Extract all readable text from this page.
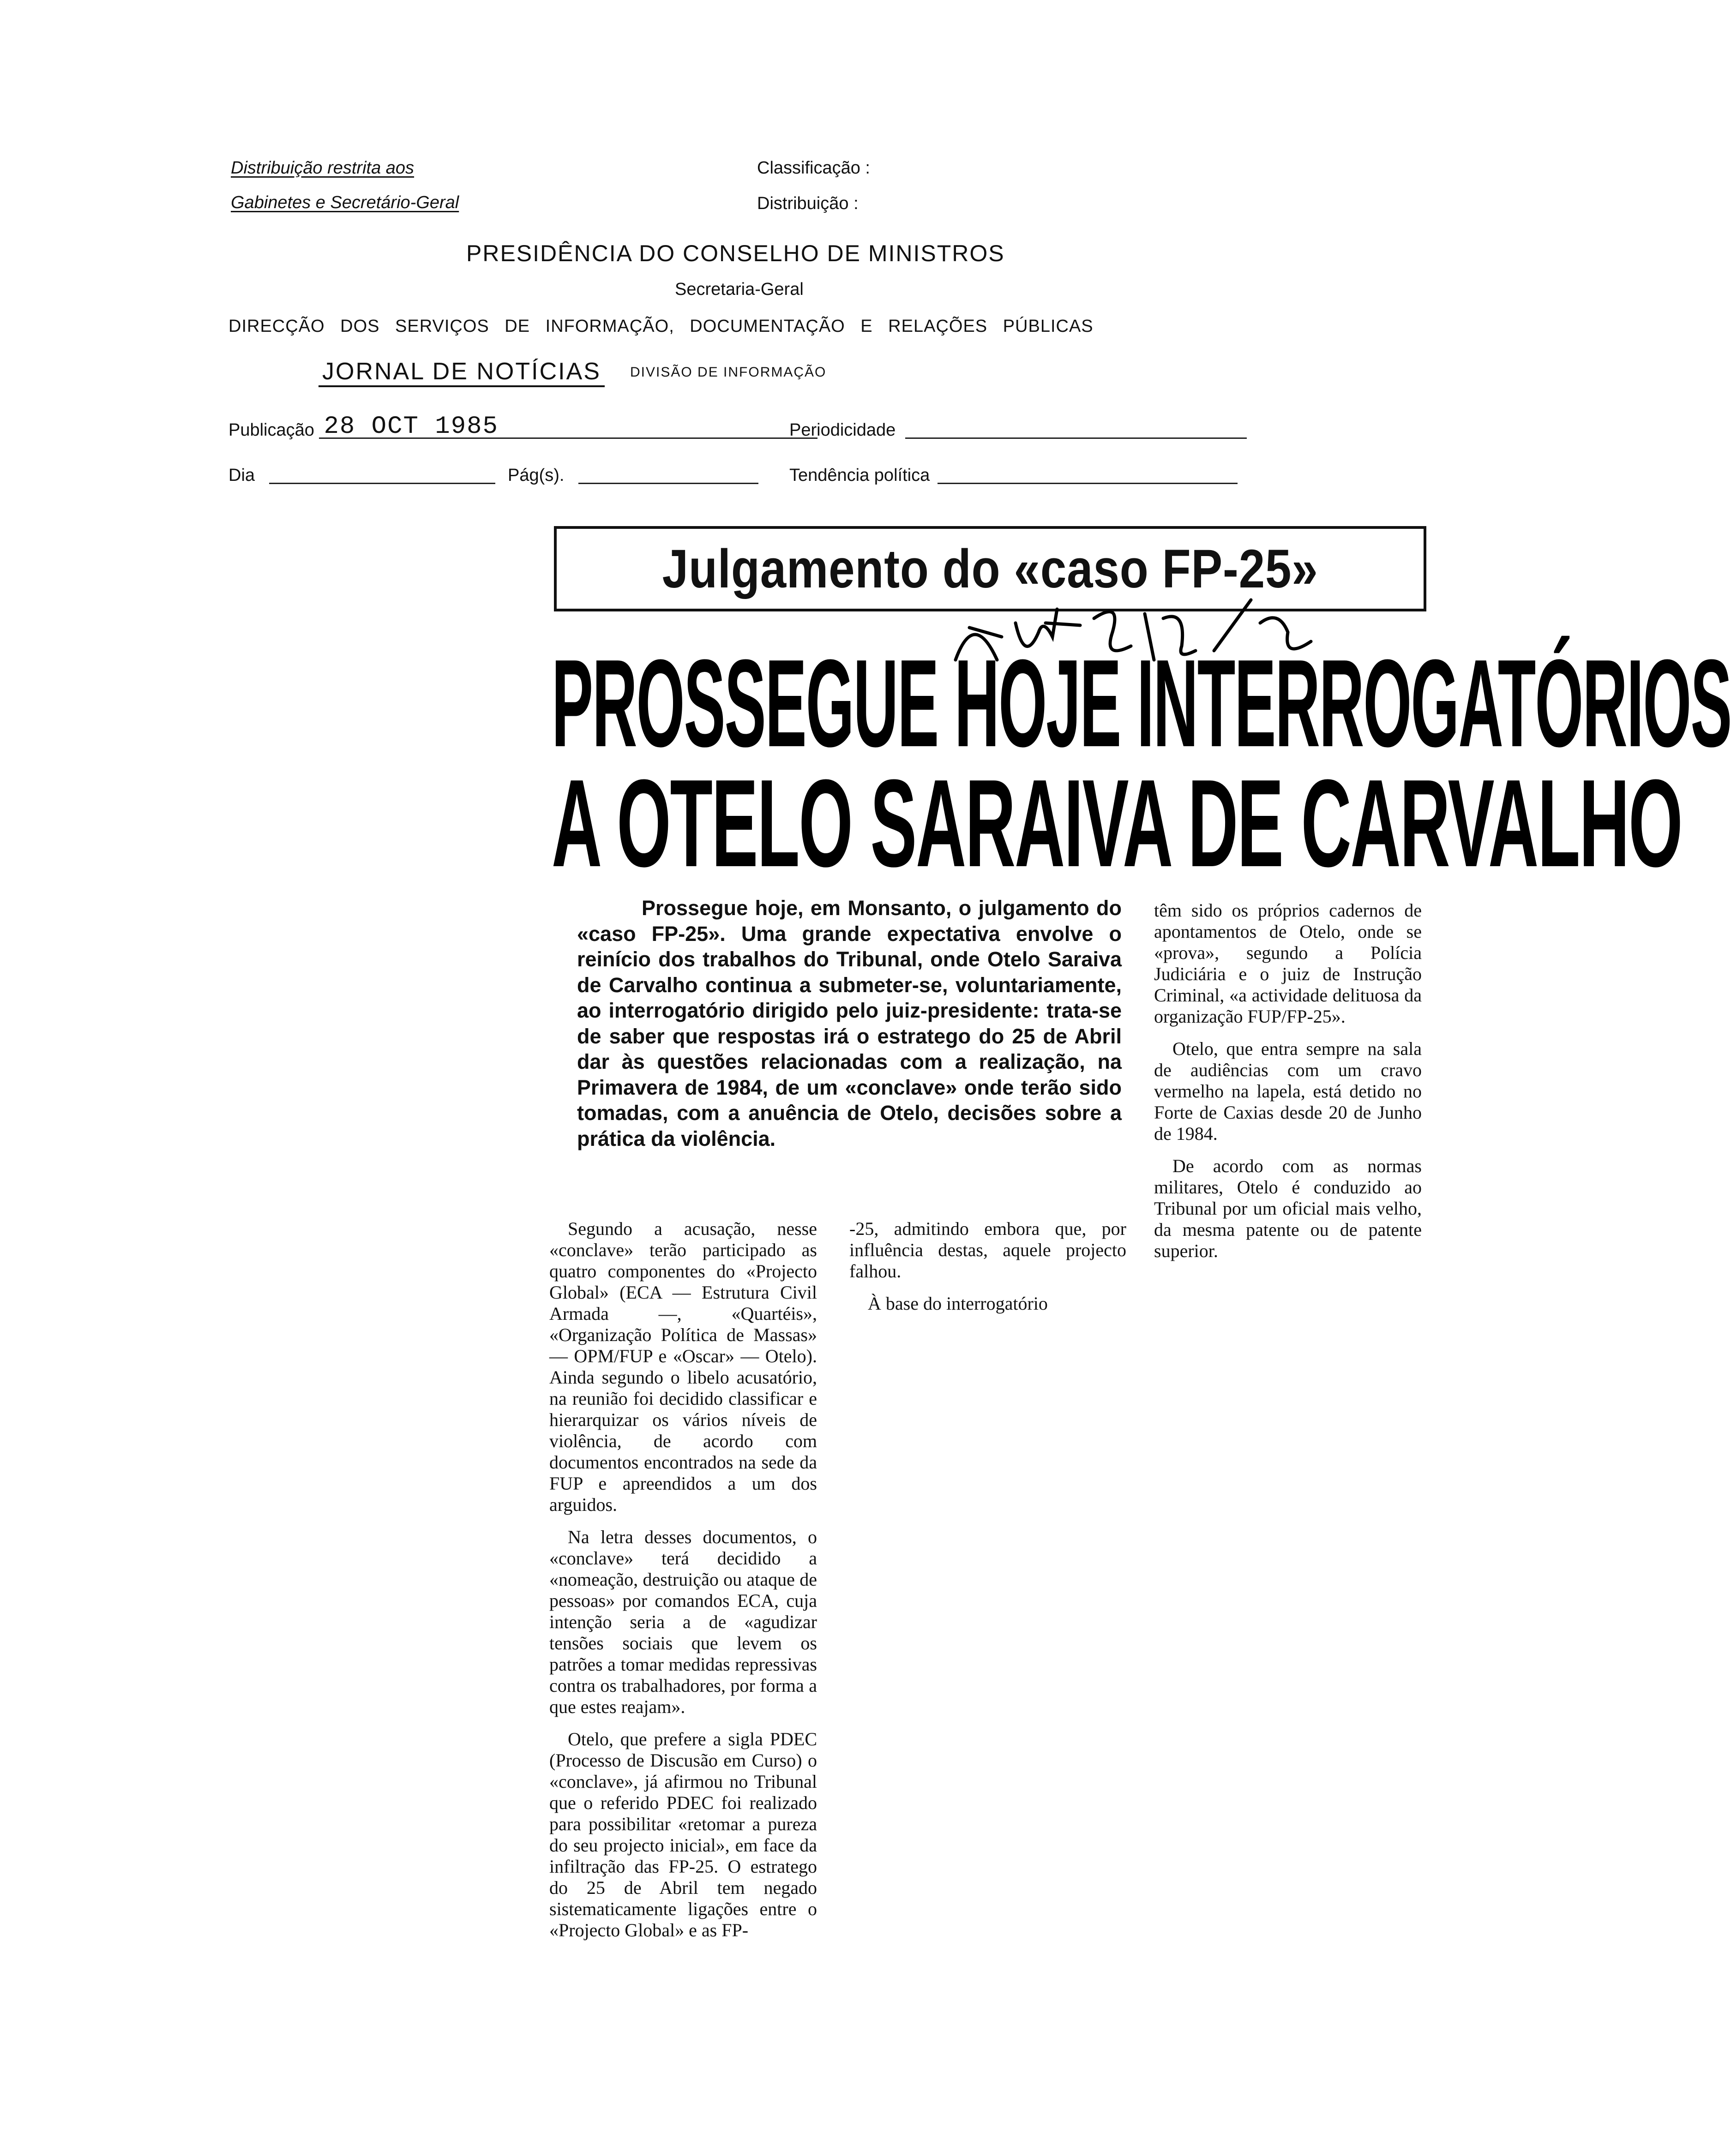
Distribuição restrita aos
Gabinetes e Secretário-Geral
Classificação :
Distribuição :
PRESIDÊNCIA DO CONSELHO DE MINISTROS
Secretaria-Geral
DIRECÇÃO DOS SERVIÇOS DE INFORMAÇÃO, DOCUMENTAÇÃO E RELAÇÕES PÚBLICAS
JORNAL DE NOTÍCIAS DIVISÃO DE INFORMAÇÃO
Publicação 28 OCT 1985	Periodicidade
Dia	Pág(s).	Tendência política
Julgamento do «caso FP-25»
PROSSEGUE HOJE INTERROGATÓRIOS
A OTELO SARAIVA DE CARVALHO
Prossegue hoje, em Monsanto, o julgamento do «caso FP-25». Uma grande expectativa envolve o reinício dos trabalhos do Tribunal, onde Otelo Saraiva de Carvalho continua a submeter-se, voluntariamente, ao interrogatório dirigido pelo juiz-presidente: trata-se de saber que respostas irá o estratego do 25 de Abril dar às questões relacionadas com a realização, na Primavera de 1984, de um «conclave» onde terão sido tomadas, com a anuência de Otelo, decisões sobre a prática da violência.

têm sido os próprios cadernos de apontamentos de Otelo, onde se «prova», segundo a Polícia Judiciária e o juiz de Instrução Criminal, «a actividade delituosa da organização FUP/FP-25».

Otelo, que entra sempre na sala de audiências com um cravo vermelho na lapela, está detido no Forte de Caxias desde 20 de Junho de 1984.

De acordo com as normas militares, Otelo é conduzido ao Tribunal por um oficial mais velho, da mesma patente ou de patente superior.

Segundo a acusação, nesse «conclave» terão participado as quatro componentes do «Projecto Global» (ECA — Estrutura Civil Armada —, «Quartéis», «Organização Política de Massas» — OPM/FUP e «Oscar» — Otelo). Ainda segundo o libelo acusatório, na reunião foi decidido classificar e hierarquizar os vários níveis de violência, de acordo com documentos encontrados na sede da FUP e apreendidos a um dos arguidos.

Na letra desses documentos, o «conclave» terá decidido a «nomeação, destruição ou ataque de pessoas» por comandos ECA, cuja intenção seria a de «agudizar tensões sociais que levem os patrões a tomar medidas repressivas contra os trabalhadores, por forma a que estes reajam».

Otelo, que prefere a sigla PDEC (Processo de Discusão em Curso) o «conclave», já afirmou no Tribunal que o referido PDEC foi realizado para possibilitar «retomar a pureza do seu projecto inicial», em face da infiltração das FP-25. O estratego do 25 de Abril tem negado sistematicamente ligações entre o «Projecto Global» e as FP-

-25, admitindo embora que, por influência destas, aquele projecto falhou.

À base do interrogatório
